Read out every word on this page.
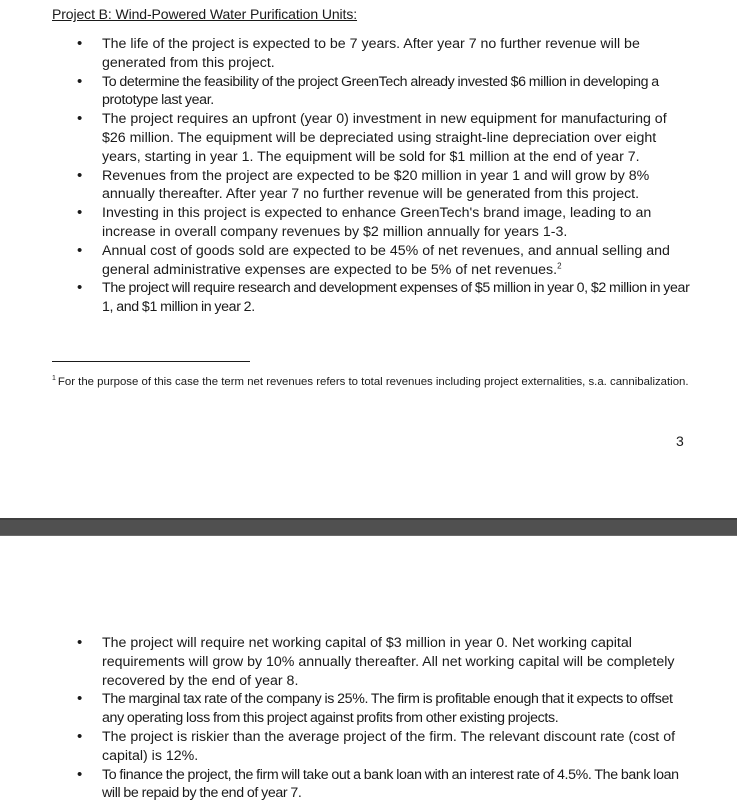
Project B: Wind-Powered Water Purification Units:
• The life of the project is expected to be 7 years. After year 7 no further revenue will be generated from this project.
• To determine the feasibility of the project GreenTech already invested $6 million in developing a prototype last year.
• The project requires an upfront (year 0) investment in new equipment for manufacturing of $26 million. The equipment will be depreciated using straight-line depreciation over eight years, starting in year 1. The equipment will be sold for $1 million at the end of year 7.
• Revenues from the project are expected to be $20 million in year 1 and will grow by 8% annually thereafter. After year 7 no further revenue will be generated from this project.
• Investing in this project is expected to enhance GreenTech's brand image, leading to an increase in overall company revenues by $2 million annually for years 1-3.
• Annual cost of goods sold are expected to be 45% of net revenues, and annual selling and general administrative expenses are expected to be 5% of net revenues.$^2$
• The project will require research and development expenses of $5 million in year 0, $2 million in year 1, and $1 million in year 2.
$^1$ For the purpose of this case the term net revenues refers to total revenues including project externalities, s.a. cannibalization.
3
• The project will require net working capital of $3 million in year 0. Net working capital requirements will grow by 10% annually thereafter. All net working capital will be completely recovered by the end of year 8.
• The marginal tax rate of the company is 25%. The firm is profitable enough that it expects to offset any operating loss from this project against profits from other existing projects.
• The project is riskier than the average project of the firm. The relevant discount rate (cost of capital) is 12%.
• To finance the project, the firm will take out a bank loan with an interest rate of 4.5%. The bank loan will be repaid by the end of year 7.
